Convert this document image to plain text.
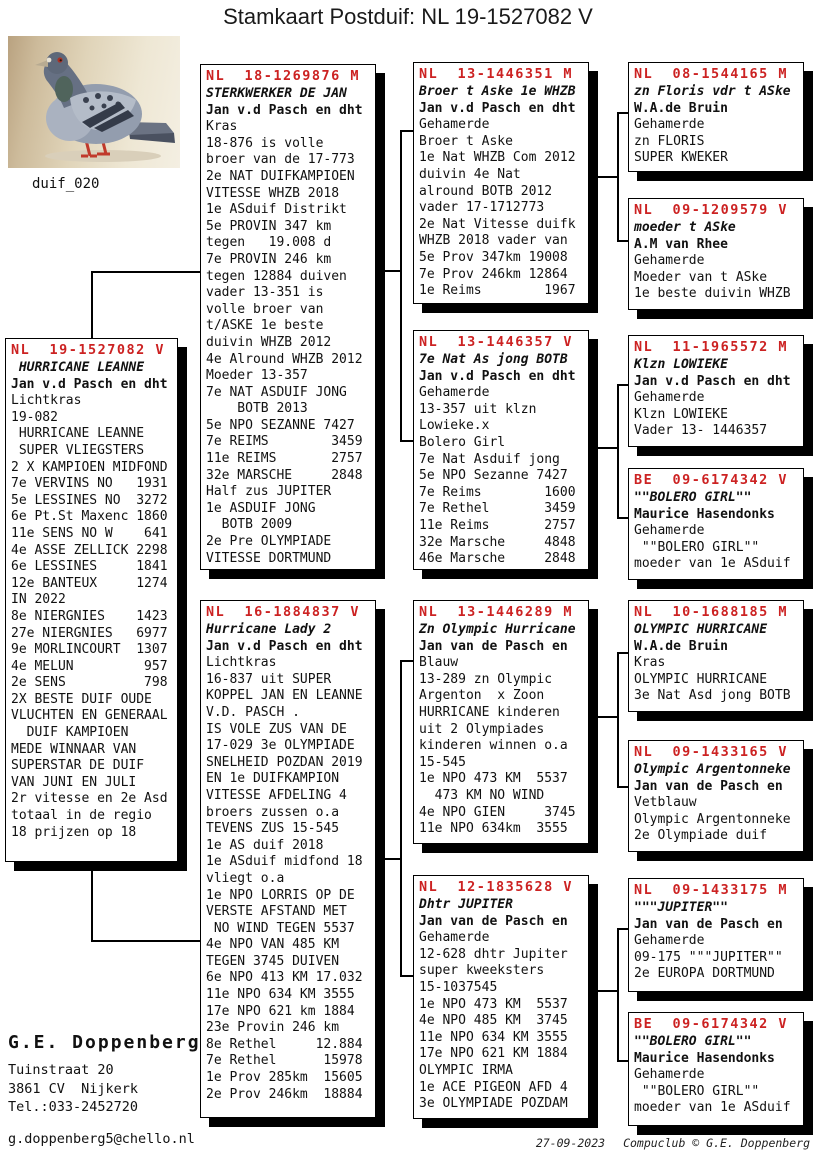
Stamkaart Postduif: NL 19-1527082 V
duif_020
NL  19-1527082 V
HURRICANE LEANNE
Jan v.d Pasch en dht
Lichtkras
19-082
HURRICANE LEANNE
SUPER VLIEGSTERS
2 X KAMPIOEN MIDFOND
7e VERVINS NO   1931
5e LESSINES NO  3272
6e Pt.St Maxenc 1860
11e SENS NO W    641
4e ASSE ZELLICK 2298
6e LESSINES     1841
12e BANTEUX     1274
IN 2022
8e NIERGNIES    1423
27e NIERGNIES   6977
9e MORLINCOURT  1307
4e MELUN         957
2e SENS          798
2X BESTE DUIF OUDE
VLUCHTEN EN GENERAAL
DUIF KAMPIOEN
MEDE WINNAAR VAN
SUPERSTAR DE DUIF
VAN JUNI EN JULI
2r vitesse en 2e Asd
totaal in de regio
18 prijzen op 18
NL  18-1269876 M
STERKWERKER DE JAN
Jan v.d Pasch en dht
Kras
18-876 is volle
broer van de 17-773
2e NAT DUIFKAMPIOEN
VITESSE WHZB 2018
1e ASduif Distrikt
5e PROVIN 347 km
tegen   19.008 d
7e PROVIN 246 km
tegen 12884 duiven
vader 13-351 is
volle broer van
t/ASKE 1e beste
duivin WHZB 2012
4e Alround WHZB 2012
Moeder 13-357
7e NAT ASDUIF JONG
BOTB 2013
5e NPO SEZANNE 7427
7e REIMS        3459
11e REIMS       2757
32e MARSCHE     2848
Half zus JUPITER
1e ASDUIF JONG
BOTB 2009
2e Pre OLYMPIADE
VITESSE DORTMUND
NL  16-1884837 V
Hurricane Lady 2
Jan v.d Pasch en dht
Lichtkras
16-837 uit SUPER
KOPPEL JAN EN LEANNE
V.D. PASCH .
IS VOLE ZUS VAN DE
17-029 3e OLYMPIADE
SNELHEID POZDAN 2019
EN 1e DUIFKAMPION
VITESSE AFDELING 4
broers zussen o.a
TEVENS ZUS 15-545
1e AS duif 2018
1e ASduif midfond 18
vliegt o.a
1e NPO LORRIS OP DE
VERSTE AFSTAND MET
NO WIND TEGEN 5537
4e NPO VAN 485 KM
TEGEN 3745 DUIVEN
6e NPO 413 KM 17.032
11e NPO 634 KM 3555
17e NPO 621 km 1884
23e Provin 246 km
8e Rethel     12.884
7e Rethel      15978
1e Prov 285km  15605
2e Prov 246km  18884
NL  13-1446351 M
Broer t Aske 1e WHZB
Jan v.d Pasch en dht
Gehamerde
Broer t Aske
1e Nat WHZB Com 2012
duivin 4e Nat
alround BOTB 2012
vader 17-1712773
2e Nat Vitesse duifk
WHZB 2018 vader van
5e Prov 347km 19008
7e Prov 246km 12864
1e Reims        1967
NL  13-1446357 V
7e Nat As jong BOTB
Jan v.d Pasch en dht
Gehamerde
13-357 uit klzn
Lowieke.x
Bolero Girl
7e Nat Asduif jong
5e NPO Sezanne 7427
7e Reims        1600
7e Rethel       3459
11e Reims       2757
32e Marsche     4848
46e Marsche     2848
NL  13-1446289 M
Zn Olympic Hurricane
Jan van de Pasch en
Blauw
13-289 zn Olympic
Argenton  x Zoon
HURRICANE kinderen
uit 2 Olympiades
kinderen winnen o.a
15-545
1e NPO 473 KM  5537
473 KM NO WIND
4e NPO GIEN     3745
11e NPO 634km  3555
NL  12-1835628 V
Dhtr JUPITER
Jan van de Pasch en
Gehamerde
12-628 dhtr Jupiter
super kweeksters
15-1037545
1e NPO 473 KM  5537
4e NPO 485 KM  3745
11e NPO 634 KM 3555
17e NPO 621 KM 1884
OLYMPIC IRMA
1e ACE PIGEON AFD 4
3e OLYMPIADE POZDAM
NL  08-1544165 M
zn Floris vdr t ASke
W.A.de Bruin
Gehamerde
zn FLORIS
SUPER KWEKER
NL  09-1209579 V
moeder t ASke
A.M van Rhee
Gehamerde
Moeder van t ASke
1e beste duivin WHZB
NL  11-1965572 M
Klzn LOWIEKE
Jan v.d Pasch en dht
Gehamerde
Klzn LOWIEKE
Vader 13- 1446357
BE  09-6174342 V
""BOLERO GIRL""
Maurice Hasendonks
Gehamerde
""BOLERO GIRL""
moeder van 1e ASduif
NL  10-1688185 M
OLYMPIC HURRICANE
W.A.de Bruin
Kras
OLYMPIC HURRICANE
3e Nat Asd jong BOTB
NL  09-1433165 V
Olympic Argentonneke
Jan van de Pasch en
Vetblauw
Olympic Argentonneke
2e Olympiade duif
NL  09-1433175 M
"""JUPITER""
Jan van de Pasch en
Gehamerde
09-175 """JUPITER""
2e EUROPA DORTMUND
BE  09-6174342 V
""BOLERO GIRL""
Maurice Hasendonks
Gehamerde
""BOLERO GIRL""
moeder van 1e ASduif
G.E. Doppenberg
Tuinstraat 20
3861 CV  Nijkerk
Tel.:033-2452720
g.doppenberg5@chello.nl	27-09-2023 Compuclub © G.E. Doppenberg
